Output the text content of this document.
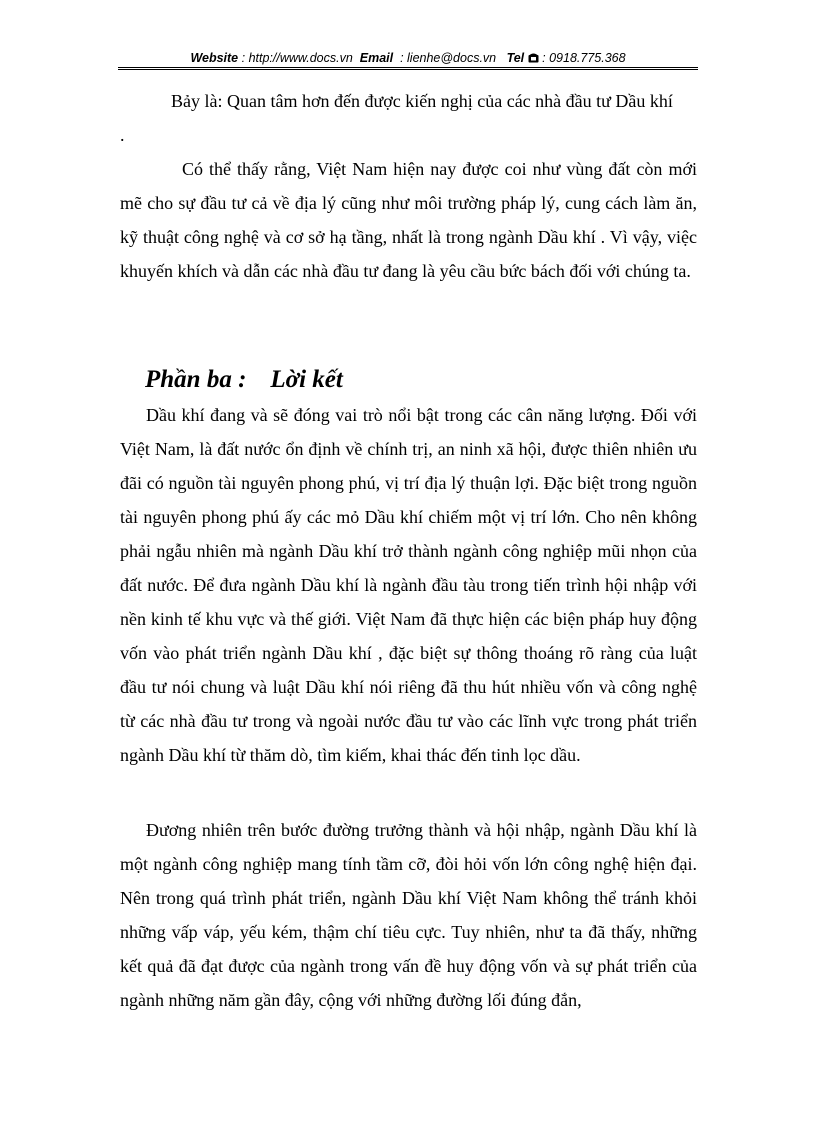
Website : http://www.docs.vn Email : lienhe@docs.vn Tel : 0918.775.368
Bảy là: Quan tâm hơn đến được kiến nghị của các nhà đầu tư Dầu khí
.

Có thể thấy rằng, Việt Nam hiện nay được coi như vùng đất còn mới mẽ cho sự đầu tư cả về địa lý cũng như môi trường pháp lý, cung cách làm ăn, kỹ thuật công nghệ và cơ sở hạ tầng, nhất là trong ngành Dầu khí . Vì vậy, việc khuyến khích và dẫn các nhà đầu tư đang là yêu cầu bức bách đối với chúng ta.

Phần ba : Lời kết

Dầu khí đang và sẽ đóng vai trò nổi bật trong các cân năng lượng. Đối với Việt Nam, là đất nước ổn định về chính trị, an ninh xã hội, được thiên nhiên ưu đãi có nguồn tài nguyên phong phú, vị trí địa lý thuận lợi. Đặc biệt trong nguồn tài nguyên phong phú ấy các mỏ Dầu khí chiếm một vị trí lớn. Cho nên không phải ngẫu nhiên mà ngành Dầu khí trở thành ngành công nghiệp mũi nhọn của đất nước. Để đưa ngành Dầu khí là ngành đầu tàu trong tiến trình hội nhập với nền kinh tế khu vực và thế giới. Việt Nam đã thực hiện các biện pháp huy động vốn vào phát triển ngành Dầu khí , đặc biệt sự thông thoáng rõ ràng của luật đầu tư nói chung và luật Dầu khí nói riêng đã thu hút nhiều vốn và công nghệ từ các nhà đầu tư trong và ngoài nước đầu tư vào các lĩnh vực trong phát triển ngành Dầu khí từ thăm dò, tìm kiếm, khai thác đến tinh lọc dầu.

Đương nhiên trên bước đường trưởng thành và hội nhập, ngành Dầu khí là một ngành công nghiệp mang tính tầm cỡ, đòi hỏi vốn lớn công nghệ hiện đại. Nên trong quá trình phát triển, ngành Dầu khí Việt Nam không thể tránh khỏi những vấp váp, yếu kém, thậm chí tiêu cực. Tuy nhiên, như ta đã thấy, những kết quả đã đạt được của ngành trong vấn đề huy động vốn và sự phát triển của ngành những năm gần đây, cộng với những đường lối đúng đắn,
